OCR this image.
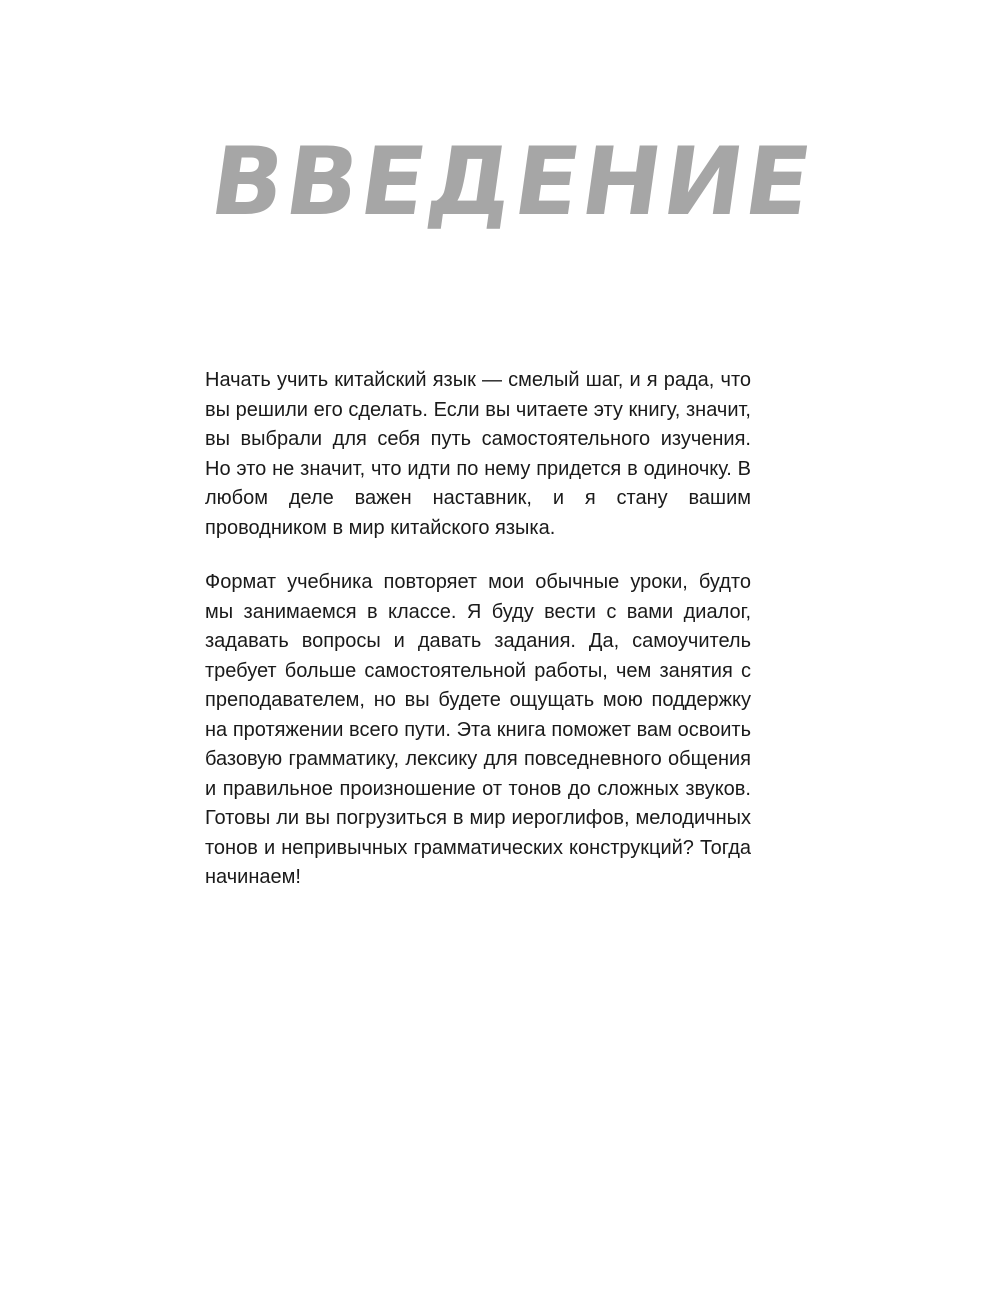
ВВЕДЕНИЕ

Начать учить китайский язык — смелый шаг, и я рада, что вы решили его сделать. Если вы читаете эту книгу, значит, вы выбрали для себя путь самостоятельного изучения. Но это не значит, что идти по нему придется в одиночку. В любом деле важен наставник, и я стану вашим проводником в мир китайского языка.

Формат учебника повторяет мои обычные уроки, будто мы занимаемся в классе. Я буду вести с вами диалог, задавать вопросы и давать задания. Да, самоучитель требует больше самостоятельной работы, чем занятия с преподавателем, но вы будете ощущать мою поддержку на протяжении всего пути. Эта книга поможет вам освоить базовую грамматику, лексику для повседневного общения и правильное произношение от тонов до сложных звуков. Готовы ли вы погрузиться в мир иероглифов, мелодичных тонов и непривычных грамматических конструкций? Тогда начинаем!
